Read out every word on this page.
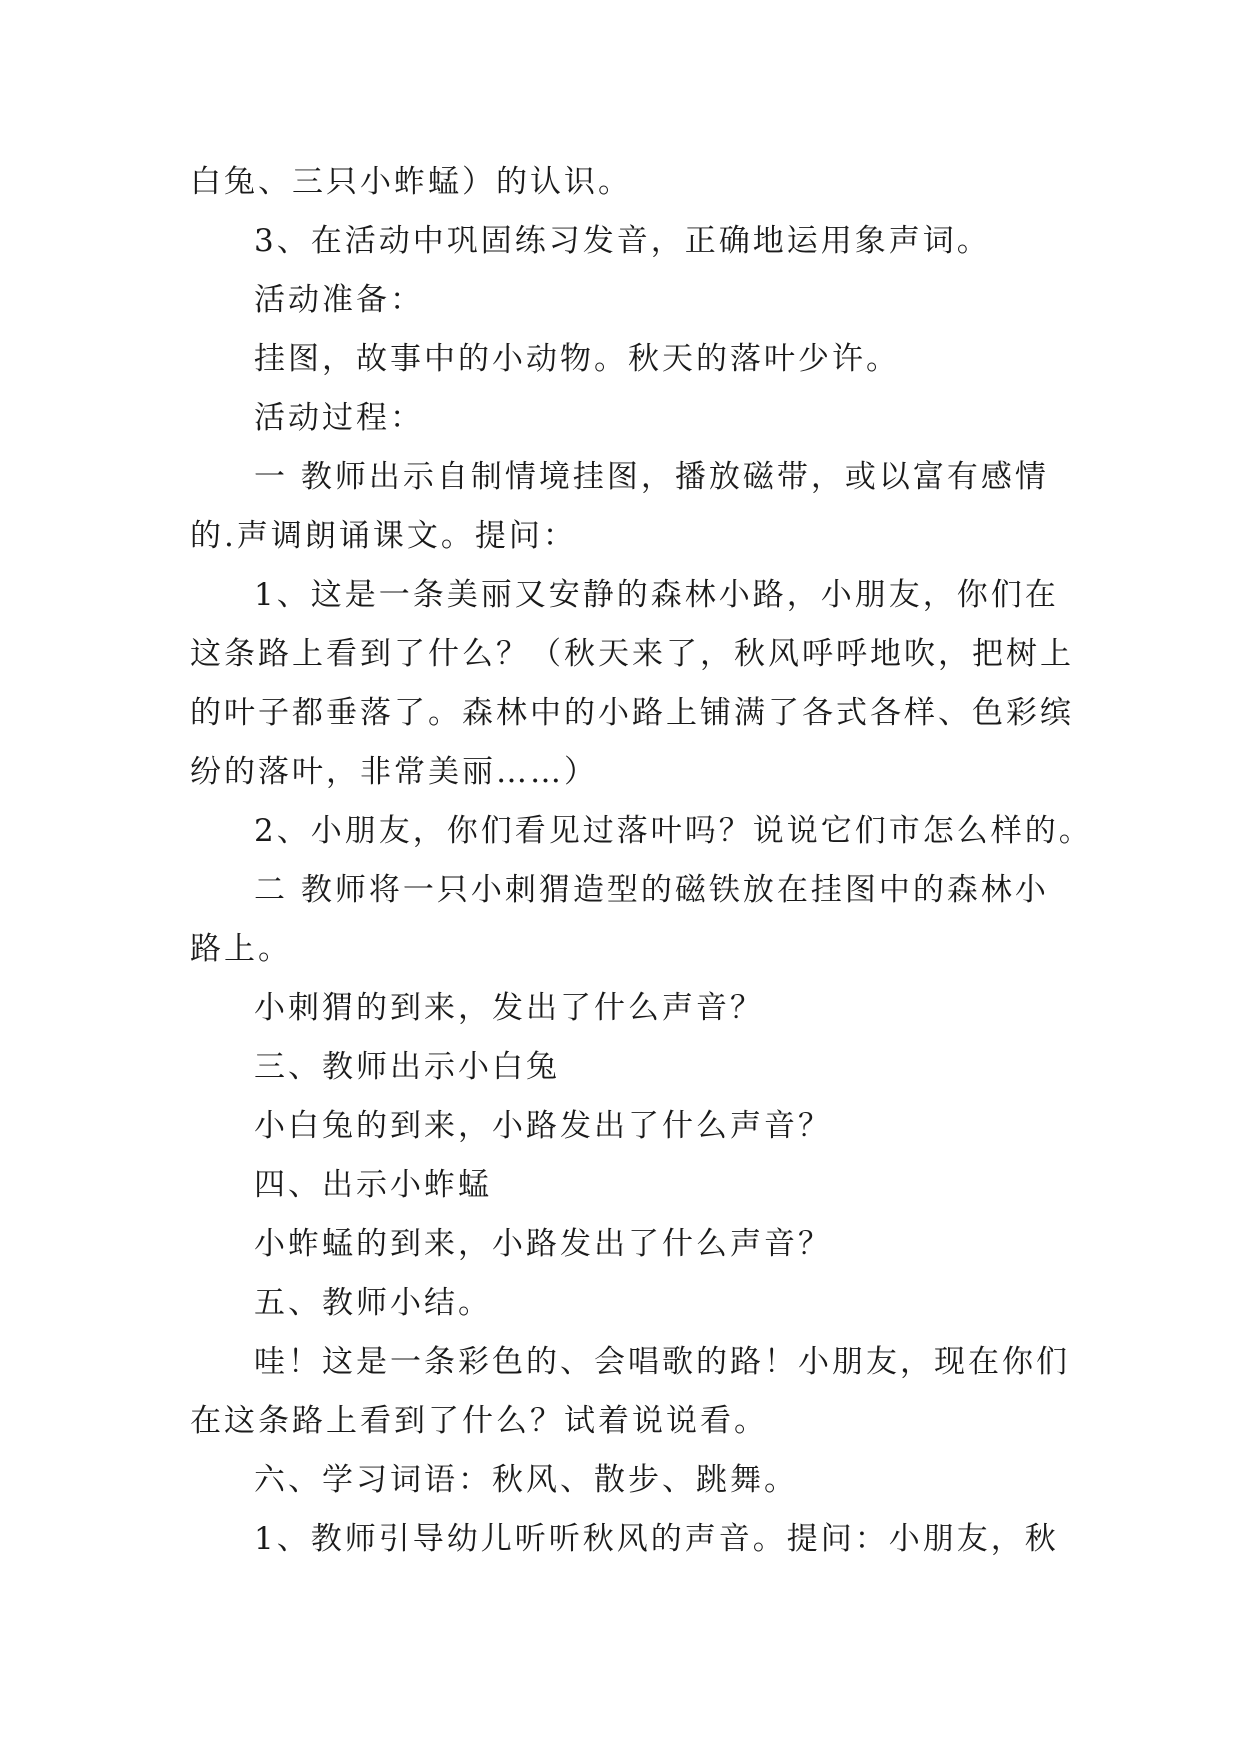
白兔、三只小蚱蜢）的认识。
3、在活动中巩固练习发音，正确地运用象声词。
活动准备：
挂图，故事中的小动物。秋天的落叶少许。
活动过程：
一 教师出示自制情境挂图，播放磁带，或以富有感情
的.声调朗诵课文。提问：
1、这是一条美丽又安静的森林小路，小朋友，你们在
这条路上看到了什么？（秋天来了，秋风呼呼地吹，把树上
的叶子都垂落了。森林中的小路上铺满了各式各样、色彩缤
纷的落叶，非常美丽……）
2、小朋友，你们看见过落叶吗？说说它们市怎么样的。
二 教师将一只小刺猬造型的磁铁放在挂图中的森林小
路上。
小刺猬的到来，发出了什么声音？
三、教师出示小白兔
小白兔的到来，小路发出了什么声音？
四、出示小蚱蜢
小蚱蜢的到来，小路发出了什么声音？
五、教师小结。
哇！这是一条彩色的、会唱歌的路！小朋友，现在你们
在这条路上看到了什么？试着说说看。
六、学习词语：秋风、散步、跳舞。
1、教师引导幼儿听听秋风的声音。提问：小朋友，秋
